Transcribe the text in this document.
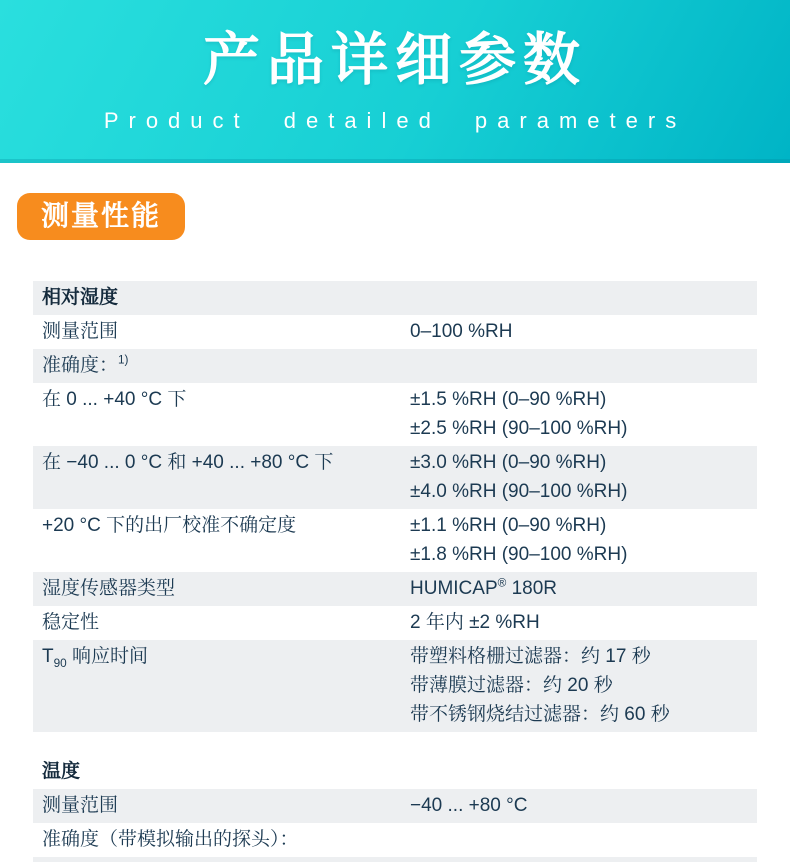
产品详细参数
Product detailed parameters
测量性能
相对湿度
测量范围	0–100 %RH
准确度：$^{1)}$
在 0 ... +40 °C 下	±1.5 %RH (0–90 %RH)
±2.5 %RH (90–100 %RH)
在 −40 ... 0 °C 和 +40 ... +80 °C 下	±3.0 %RH (0–90 %RH)
±4.0 %RH (90–100 %RH)
+20 °C 下的出厂校准不确定度	±1.1 %RH (0–90 %RH)
±1.8 %RH (90–100 %RH)
湿度传感器类型	HUMICAP® 180R
稳定性	2 年内 ±2 %RH
$T_{90}$ 响应时间	带塑料格栅过滤器：约 17 秒
带薄膜过滤器：约 20 秒
带不锈钢烧结过滤器：约 60 秒
温度
测量范围	−40 ... +80 °C
准确度（带模拟输出的探头）：
